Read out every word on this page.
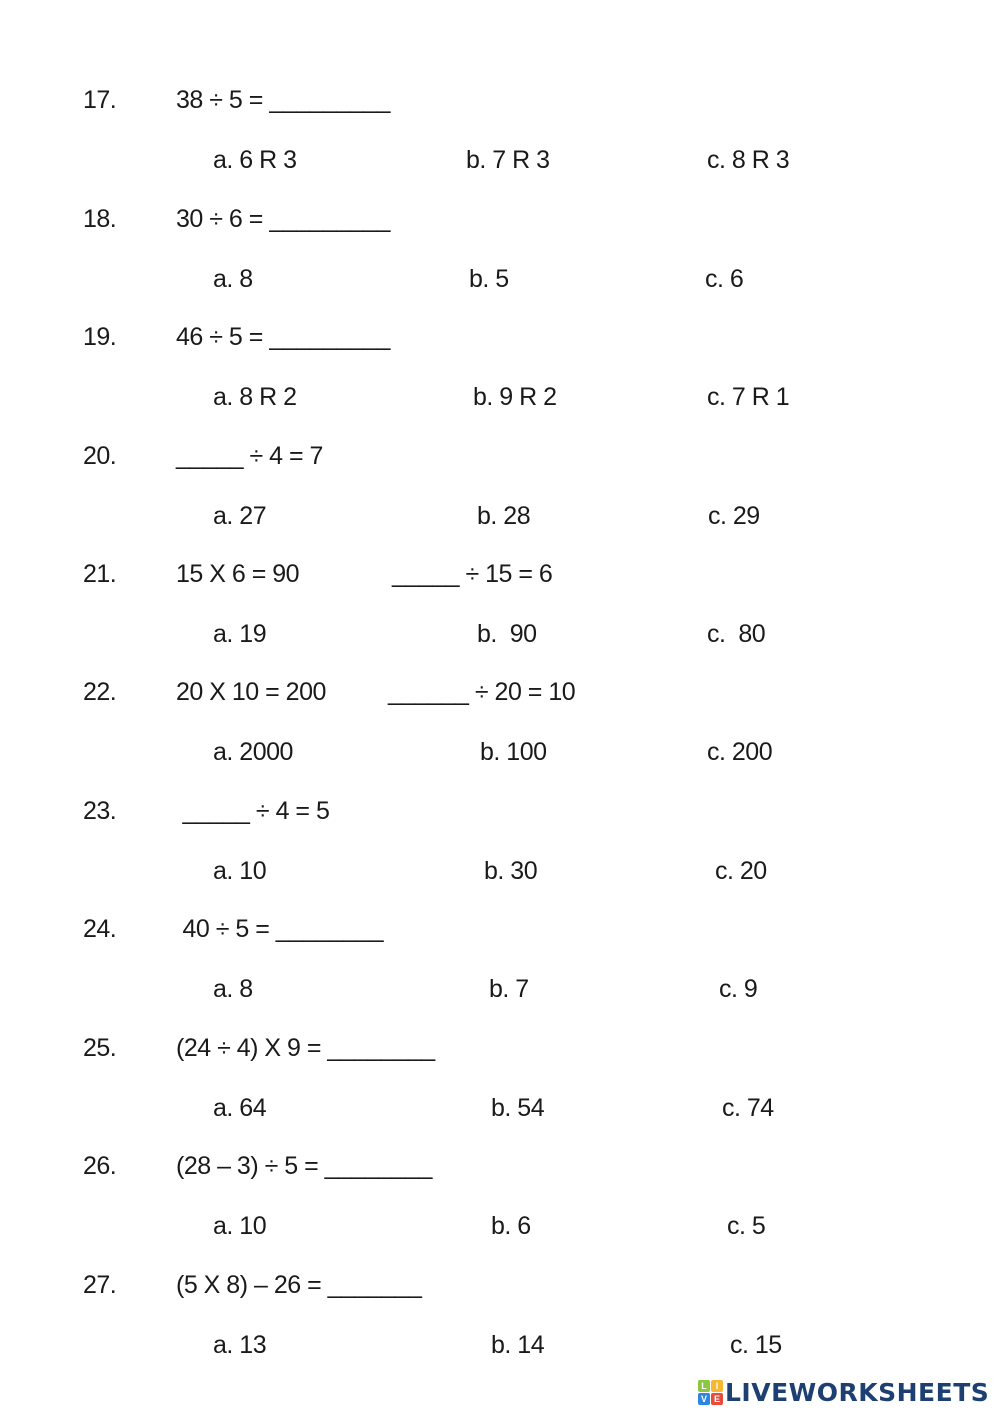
17. 38 ÷ 5 = _________
a. 6 R 3	b. 7 R 3	c. 8 R 3
18. 30 ÷ 6 = _________
a. 8	b. 5	c. 6
19. 46 ÷ 5 = _________
a. 8 R 2	b. 9 R 2	c. 7 R 1
20. _____ ÷ 4 = 7
a. 27	b. 28	c. 29
21. 15 X 6 = 90	_____ ÷ 15 = 6
a. 19	b.  90	c.  80
22. 20 X 10 = 200 ______ ÷ 20 = 10
a. 2000	b. 100	c. 200
23. _____ ÷ 4 = 5
a. 10	b. 30	c. 20
24. 40 ÷ 5 = ________
a. 8	b. 7	c. 9
25. (24 ÷ 4) X 9 = ________
a. 64	b. 54	c. 74
26. (28 – 3) ÷ 5 = ________
a. 10	b. 6	c. 5
27. (5 X 8) – 26 = _______
a. 13	b. 14	c. 15
L I
V E LIVEWORKSHEETS
